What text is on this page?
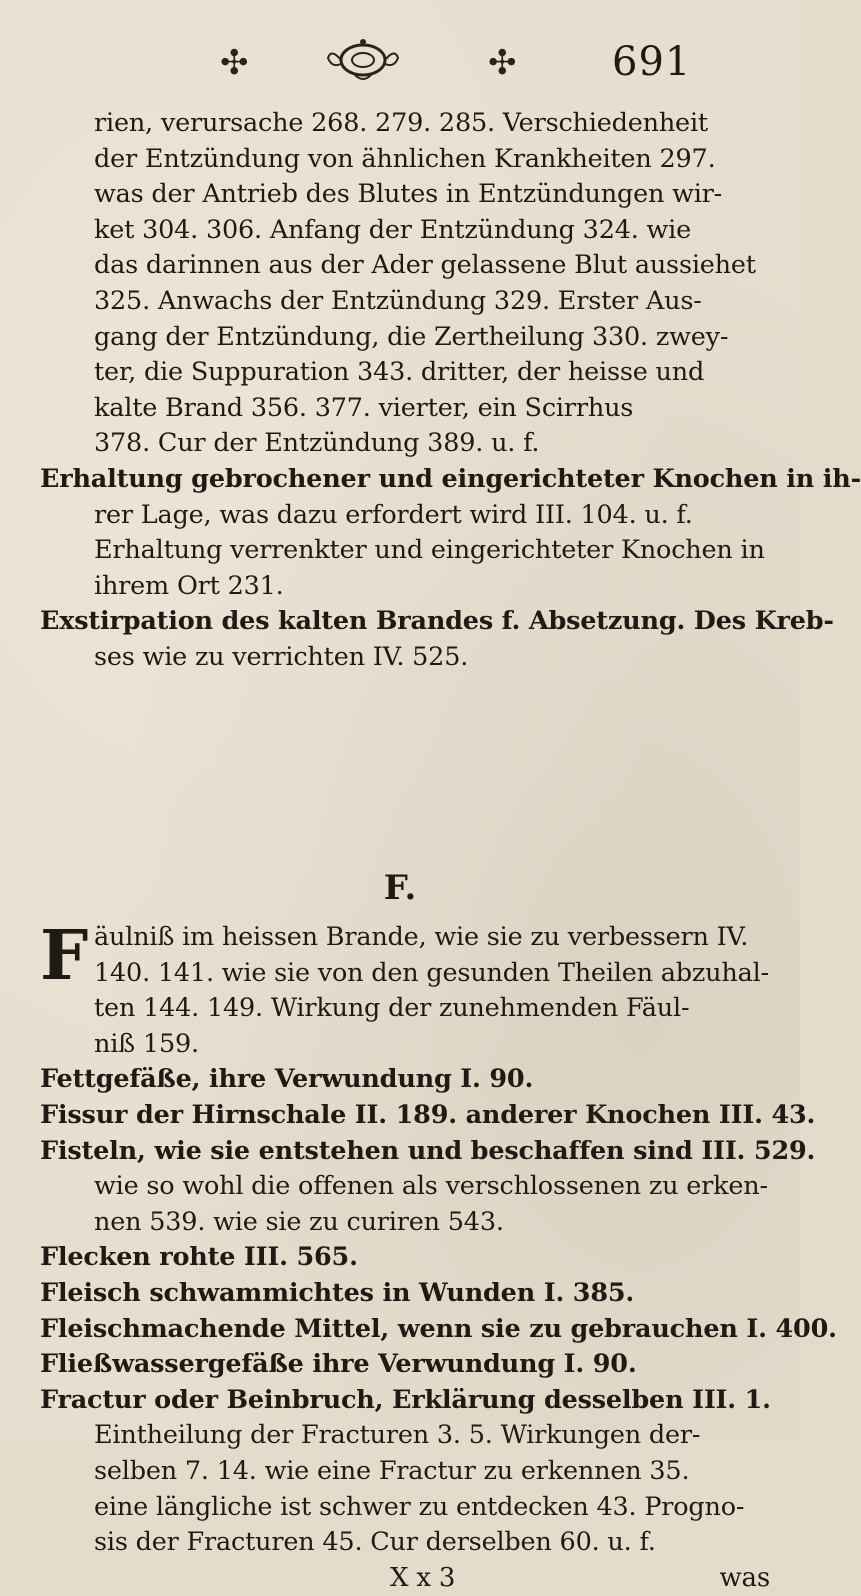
✣	✣ 691
rien, verursache 268. 279. 285. Verschiedenheit
der Entzündung von ähnlichen Krankheiten 297.
was der Antrieb des Blutes in Entzündungen wir-
ket 304. 306. Anfang der Entzündung 324. wie
das darinnen aus der Ader gelassene Blut aussiehet
325. Anwachs der Entzündung 329. Erster Aus-
gang der Entzündung, die Zertheilung 330. zwey-
ter, die Suppuration 343. dritter, der heisse und
kalte Brand 356. 377. vierter, ein Scirrhus
378. Cur der Entzündung 389. u. f.
Erhaltung gebrochener und eingerichteter Knochen in ih-
rer Lage, was dazu erfordert wird III. 104. u. f.
Erhaltung verrenkter und eingerichteter Knochen in
ihrem Ort 231.
Exstirpation des kalten Brandes f. Absetzung. Des Kreb-
ses wie zu verrichten IV. 525.
F.
äulniß im heissen Brande, wie sie zu verbessern IV.
F 140. 141. wie sie von den gesunden Theilen abzuhal-
ten 144. 149. Wirkung der zunehmenden Fäul-
niß 159.
Fettgefäße, ihre Verwundung I. 90.
Fissur der Hirnschale II. 189. anderer Knochen III. 43.
Fisteln, wie sie entstehen und beschaffen sind III. 529.
wie so wohl die offenen als verschlossenen zu erken-
nen 539. wie sie zu curiren 543.
Flecken rohte III. 565.
Fleisch schwammichtes in Wunden I. 385.
Fleischmachende Mittel, wenn sie zu gebrauchen I. 400.
Fließwassergefäße ihre Verwundung I. 90.
Fractur oder Beinbruch, Erklärung desselben III. 1.
Eintheilung der Fracturen 3. 5. Wirkungen der-
selben 7. 14. wie eine Fractur zu erkennen 35.
eine längliche ist schwer zu entdecken 43. Progno-
sis der Fracturen 45. Cur derselben 60. u. f.
X x 3	was
